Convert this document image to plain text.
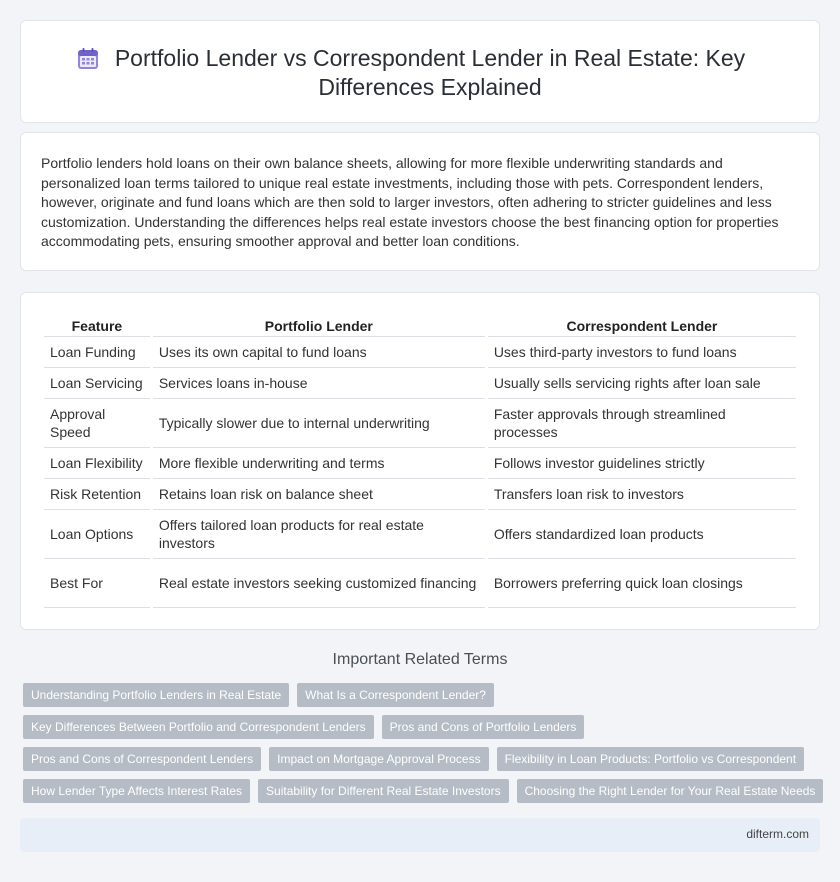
Portfolio Lender vs Correspondent Lender in Real Estate: Key Differences Explained

Portfolio lenders hold loans on their own balance sheets, allowing for more flexible underwriting standards and personalized loan terms tailored to unique real estate investments, including those with pets. Correspondent lenders, however, originate and fund loans which are then sold to larger investors, often adhering to stricter guidelines and less customization. Understanding the differences helps real estate investors choose the best financing option for properties accommodating pets, ensuring smoother approval and better loan conditions.

Feature	Portfolio Lender	Correspondent Lender
Loan Funding	Uses its own capital to fund loans	Uses third-party investors to fund loans
Loan Servicing	Services loans in-house	Usually sells servicing rights after loan sale
Approval Speed	Typically slower due to internal underwriting	Faster approvals through streamlined processes
Loan Flexibility	More flexible underwriting and terms	Follows investor guidelines strictly
Risk Retention	Retains loan risk on balance sheet	Transfers loan risk to investors
Loan Options	Offers tailored loan products for real estate investors	Offers standardized loan products
Best For	Real estate investors seeking customized financing	Borrowers preferring quick loan closings
Important Related Terms
Understanding Portfolio Lenders in Real Estate	What Is a Correspondent Lender?
Key Differences Between Portfolio and Correspondent Lenders	Pros and Cons of Portfolio Lenders
Pros and Cons of Correspondent Lenders	Impact on Mortgage Approval Process	Flexibility in Loan Products: Portfolio vs Correspondent
How Lender Type Affects Interest Rates	Suitability for Different Real Estate Investors	Choosing the Right Lender for Your Real Estate Needs
difterm.com
